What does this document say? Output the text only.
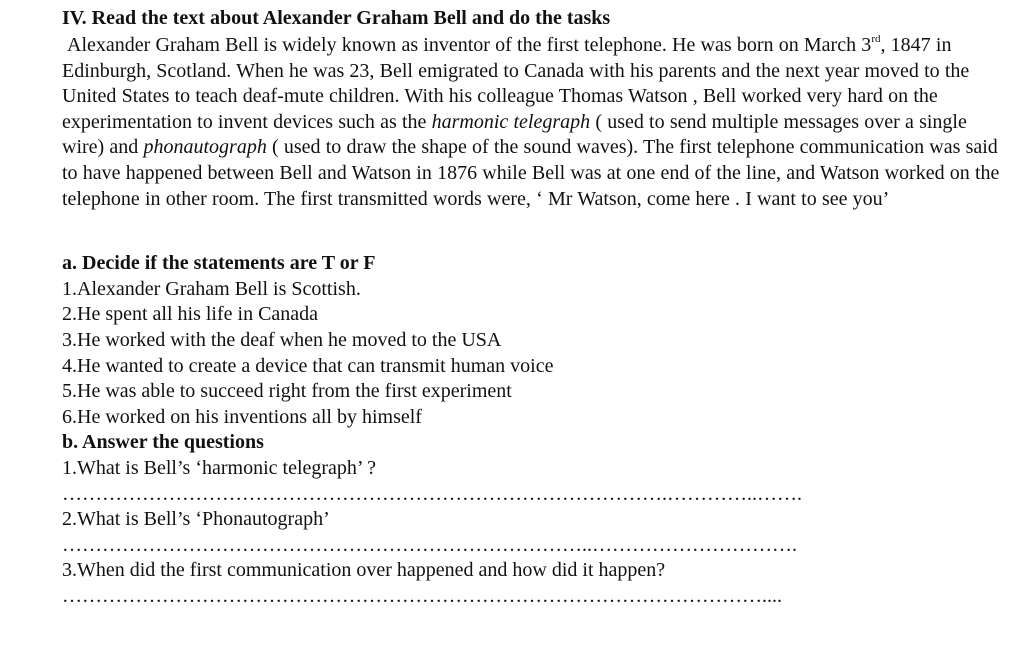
IV. Read the text about Alexander Graham Bell and do the tasks

Alexander Graham Bell is widely known as inventor of the first telephone. He was born on March 3rd, 1847 in Edinburgh, Scotland. When he was 23, Bell emigrated to Canada with his parents and the next year moved to the United States to teach deaf-mute children. With his colleague Thomas Watson , Bell worked very hard on the experimentation to invent devices such as the harmonic telegraph ( used to send multiple messages over a single wire) and phonautograph ( used to draw the shape of the sound waves). The first telephone communication was said to have happened between Bell and Watson in 1876 while Bell was at one end of the line, and Watson worked on the telephone in other room. The first transmitted words were, ‘ Mr Watson, come here . I want to see you’

a. Decide if the statements are T or F

1.Alexander Graham Bell is Scottish.

2.He spent all his life in Canada

3.He worked with the deaf when he moved to the USA

4.He wanted to create a device that can transmit human voice

5.He was able to succeed right from the first experiment

6.He worked on his inventions all by himself

b. Answer the questions

1.What is Bell’s ‘harmonic telegraph’ ?

……………………………………………………………………………….…………..…….

2.What is Bell’s ‘Phonautograph’

……………………………………………………………………..………………………….

3.When did the first communication over happened and how did it happen?

……………………………………………………………………………………………....
